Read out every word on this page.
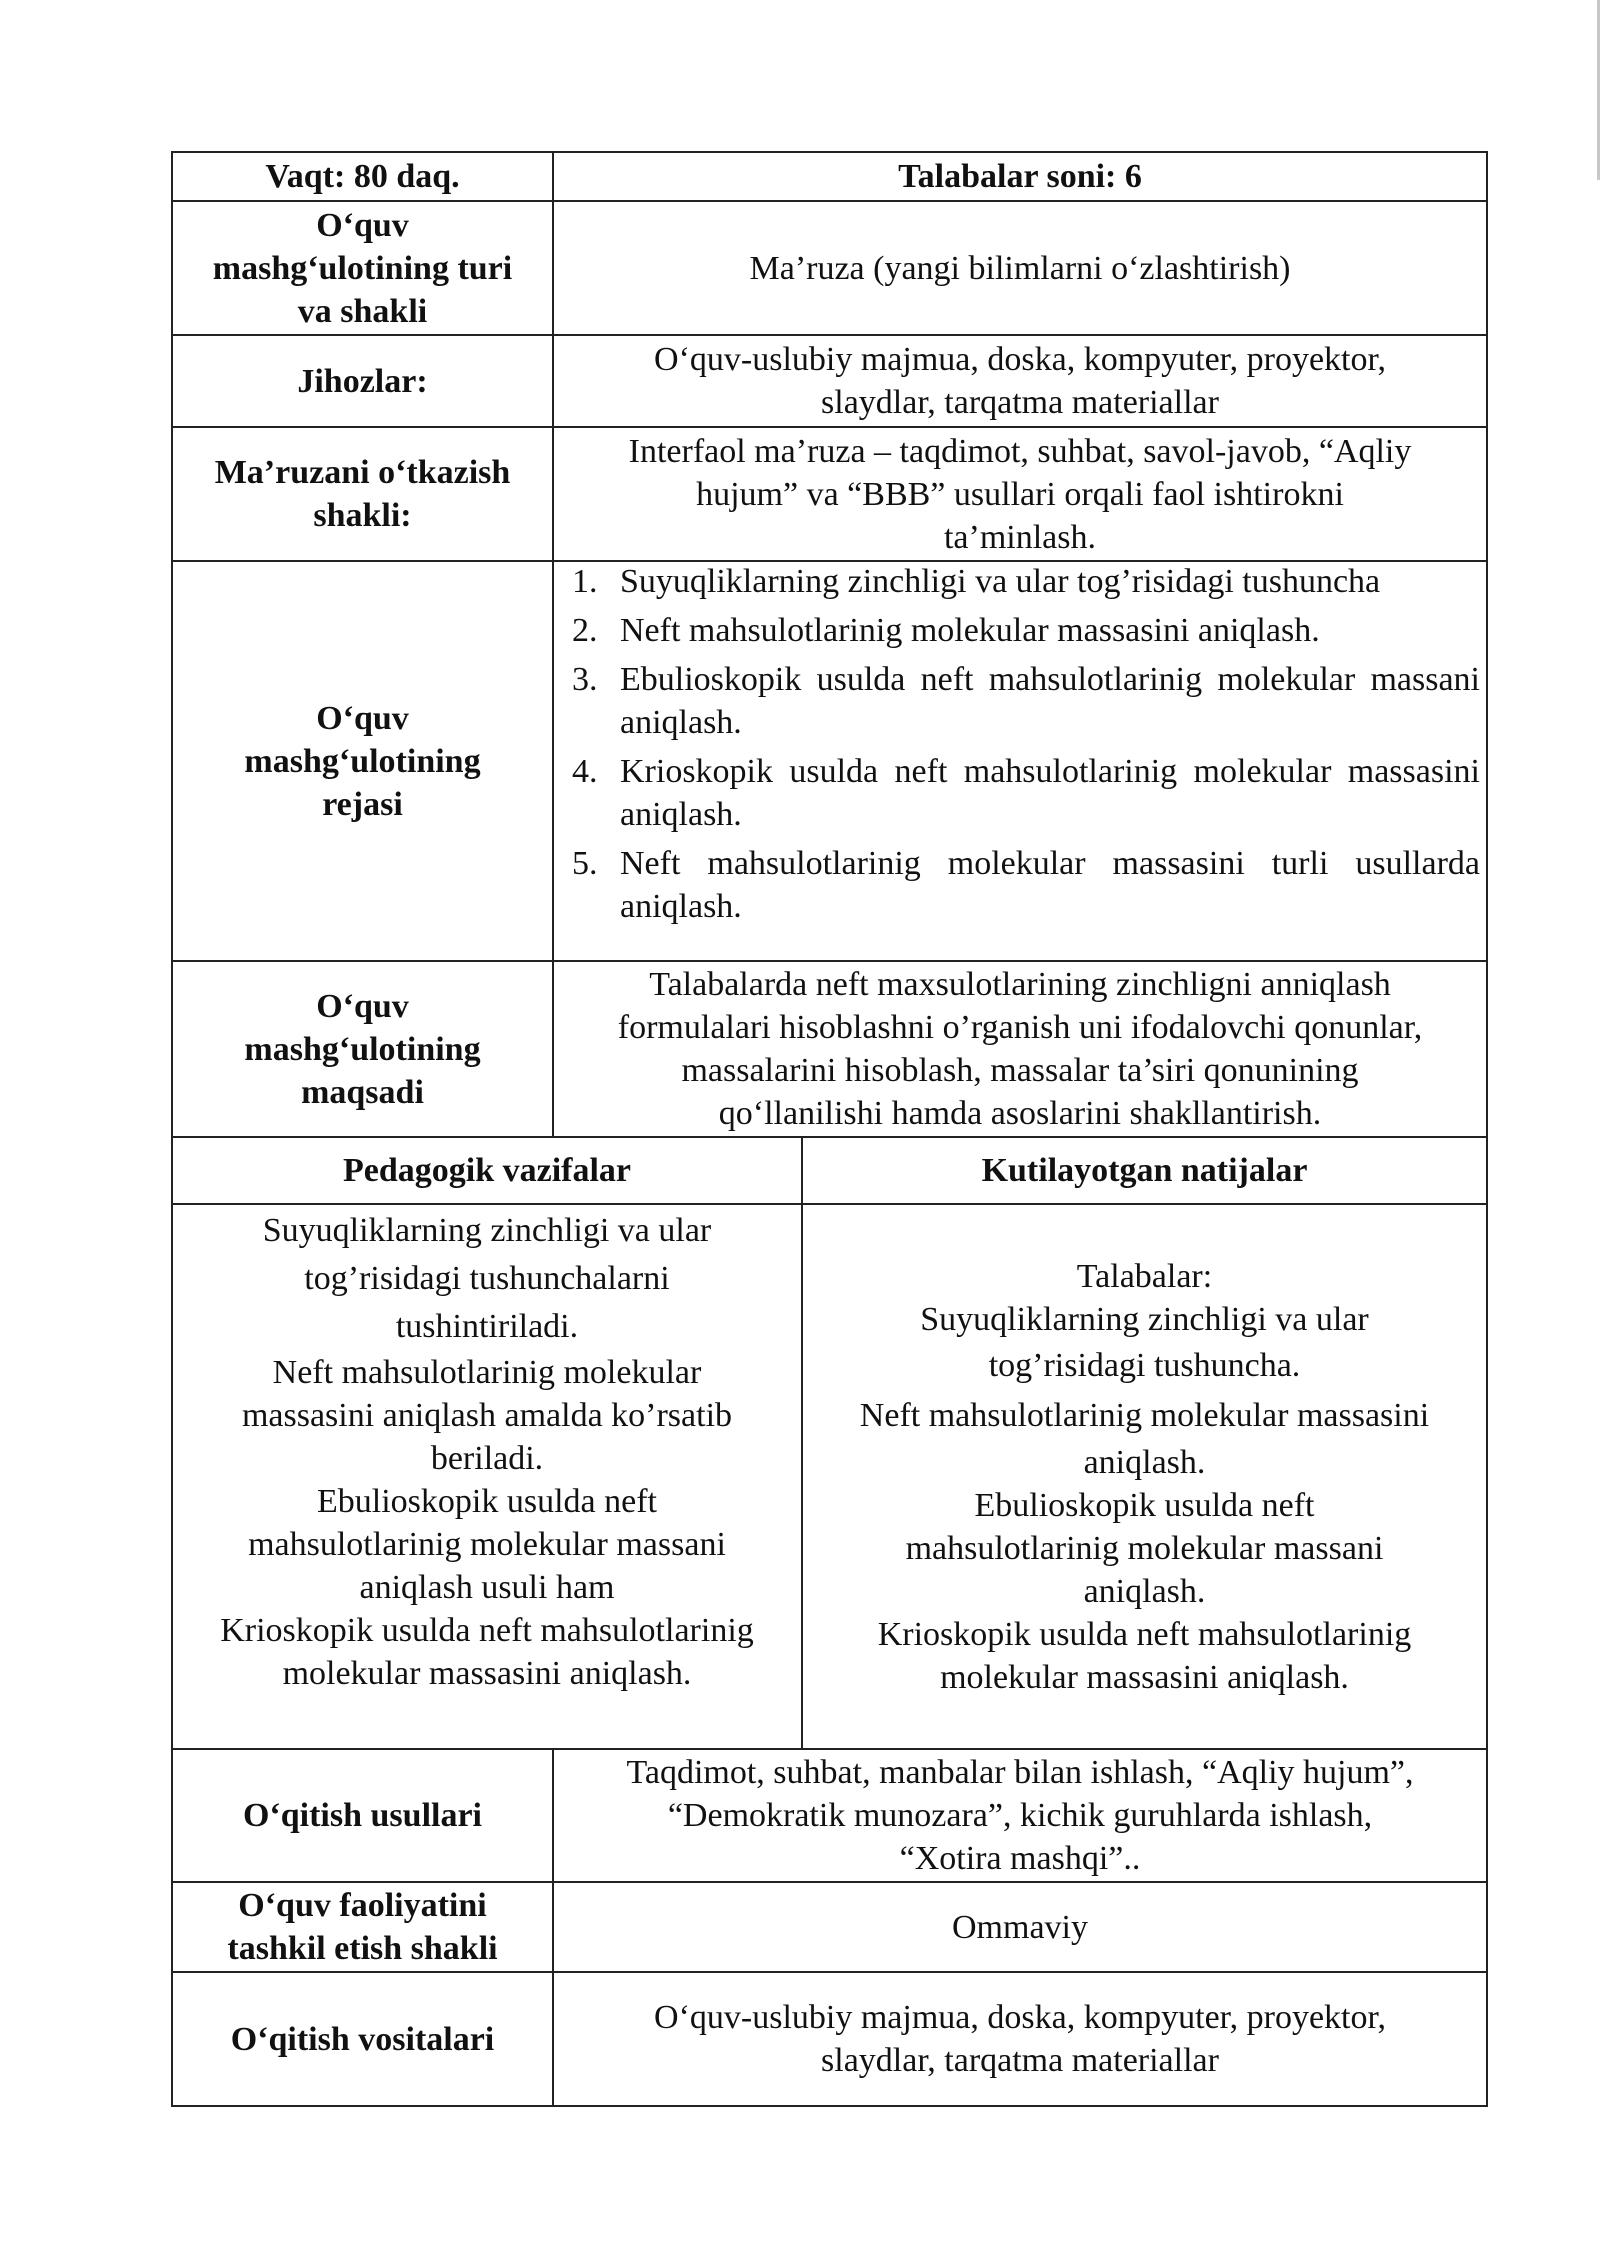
Vaqt: 80 daq.	Talabalar soni: 6
O‘quv
mashg‘ulotining turi
va shakli
Ma’ruza (yangi bilimlarni o‘zlashtirish)
Jihozlar:
O‘quv-uslubiy majmua, doska, kompyuter, proyektor,
slaydlar, tarqatma materiallar
Ma’ruzani o‘tkazish
shakli:
Interfaol ma’ruza – taqdimot, suhbat, savol-javob, “Aqliy
hujum” va “BBB” usullari orqali faol ishtirokni
ta’minlash.
O‘quv
mashg‘ulotining
rejasi
1. Suyuqliklarning zinchligi va ular tog’risidagi tushuncha
2. Neft mahsulotlarinig molekular massasini aniqlash.
3. Ebulioskopik usulda neft mahsulotlarinig molekular massani aniqlash.
4. Krioskopik usulda neft mahsulotlarinig molekular massasini aniqlash.
5. Neft mahsulotlarinig molekular massasini turli usullarda aniqlash.
O‘quv
mashg‘ulotining
maqsadi
Talabalarda neft maxsulotlarining zinchligni anniqlash
formulalari hisoblashni o’rganish uni ifodalovchi qonunlar,
massalarini hisoblash, massalar ta’siri qonunining
qo‘llanilishi hamda asoslarini shakllantirish.
Pedagogik vazifalar	Kutilayotgan natijalar
Suyuqliklarning zinchligi va ular
tog’risidagi tushunchalarni
tushintiriladi.
Neft mahsulotlarinig molekular
massasini aniqlash amalda ko’rsatib
beriladi.
Ebulioskopik usulda neft
mahsulotlarinig molekular massani
aniqlash usuli ham
Krioskopik usulda neft mahsulotlarinig
molekular massasini aniqlash.
Talabalar:
Suyuqliklarning zinchligi va ular
tog’risidagi tushuncha.
Neft mahsulotlarinig molekular massasini
aniqlash.
Ebulioskopik usulda neft
mahsulotlarinig molekular massani
aniqlash.
Krioskopik usulda neft mahsulotlarinig
molekular massasini aniqlash.
O‘qitish usullari
Taqdimot, suhbat, manbalar bilan ishlash, “Aqliy hujum”,
“Demokratik munozara”, kichik guruhlarda ishlash,
“Xotira mashqi”..
O‘quv faoliyatini
tashkil etish shakli
Ommaviy
O‘qitish vositalari
O‘quv-uslubiy majmua, doska, kompyuter, proyektor,
slaydlar, tarqatma materiallar
